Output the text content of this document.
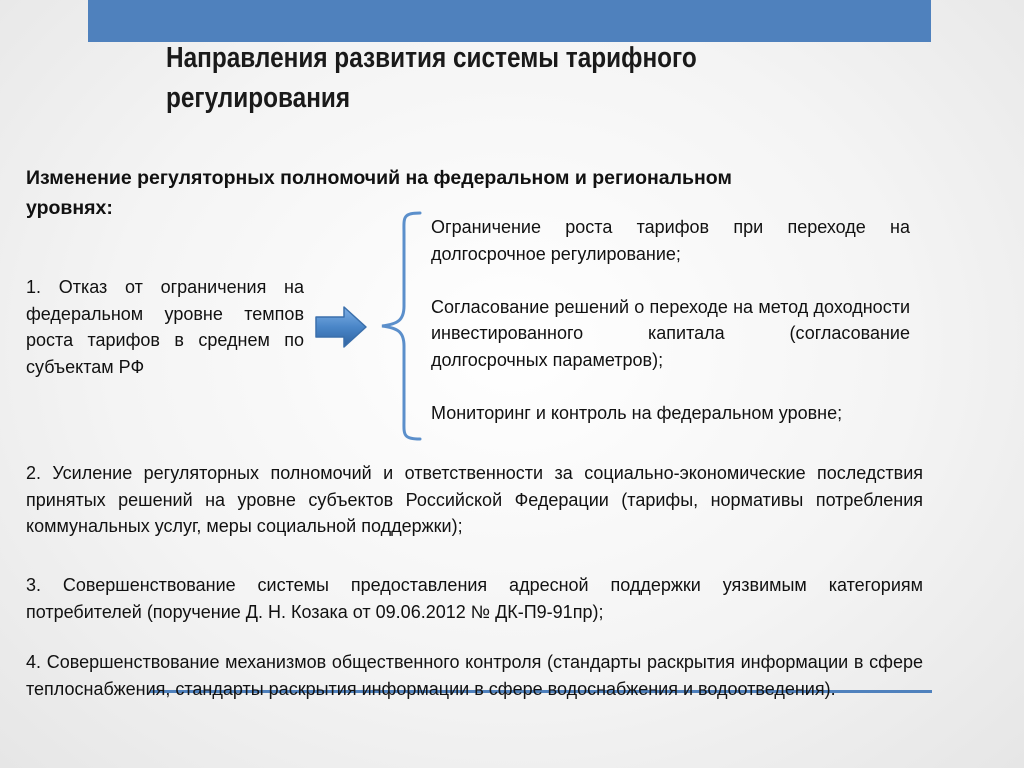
Направления развития системы тарифного
регулирования

Изменение регуляторных полномочий на федеральном и региональном уровнях:

1. Отказ от ограничения на федеральном уровне темпов роста тарифов в среднем по субъектам РФ

Ограничение роста тарифов при переходе на долгосрочное регулирование;

Согласование решений о переходе на метод доходности инвестированного капитала (согласование долгосрочных параметров);

Мониторинг и контроль на федеральном уровне;

2. Усиление регуляторных полномочий и ответственности за социально-экономические последствия принятых решений на уровне субъектов Российской Федерации (тарифы, нормативы потребления коммунальных услуг, меры социальной поддержки);

3. Совершенствование системы предоставления адресной поддержки уязвимым категориям потребителей (поручение Д. Н. Козака от 09.06.2012 № ДК-П9-91пр);

4. Совершенствование механизмов общественного контроля (стандарты раскрытия информации в сфере теплоснабжения, стандарты раскрытия информации в сфере водоснабжения и водоотведения).
